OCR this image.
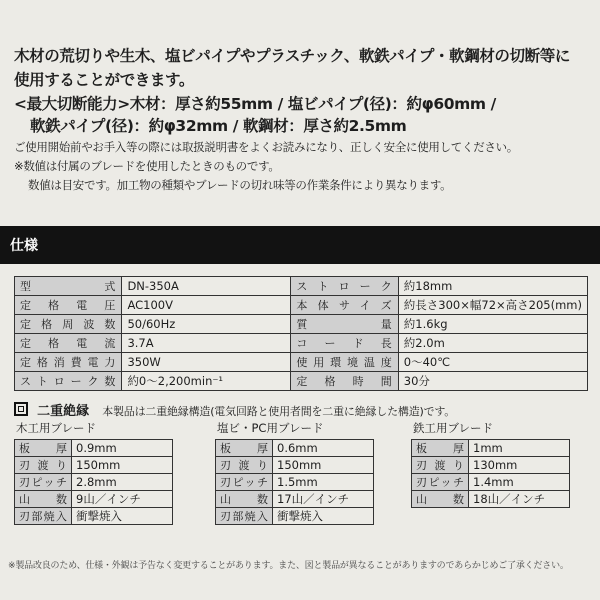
木材の荒切りや生木、塩ビパイプやプラスチック、軟鉄パイプ・軟鋼材の切断等に
使用することができます。
<最大切断能力>木材：厚さ約55mm / 塩ビパイプ(径)：約φ60mm /
軟鉄パイプ(径)：約φ32mm / 軟鋼材：厚さ約2.5mm
ご使用開始前やお手入等の際には取扱説明書をよくお読みになり、正しく安全に使用してください。
※数値は付属のブレードを使用したときのものです。
数値は目安です。加工物の種類やブレードの切れ味等の作業条件により異なります。
仕様
型式	DN-350A	ストローク	約18mm
定格電圧	AC100V	本体サイズ	約長さ300×幅72×高さ205(mm)
定格周波数	50/60Hz	質量	約1.6kg
定格電流	3.7A	コード長	約2.0m
定格消費電力	350W	使用環境温度	0～40℃
ストローク数	約0～2,200min⁻¹	定格時間	30分
二重絶縁 本製品は二重絶縁構造(電気回路と使用者間を二重に絶縁した構造)です。
木工用ブレード
板厚	0.9mm
刃渡り	150mm
刃ピッチ	2.8mm
山数	9山／インチ
刃部焼入	衝撃焼入
塩ビ・PC用ブレード
板厚	0.6mm
刃渡り	150mm
刃ピッチ	1.5mm
山数	17山／インチ
刃部焼入	衝撃焼入
鉄工用ブレード
板厚	1mm
刃渡り	130mm
刃ピッチ	1.4mm
山数	18山／インチ
※製品改良のため、仕様・外観は予告なく変更することがあります。また、図と製品が異なることがありますのであらかじめご了承ください。
